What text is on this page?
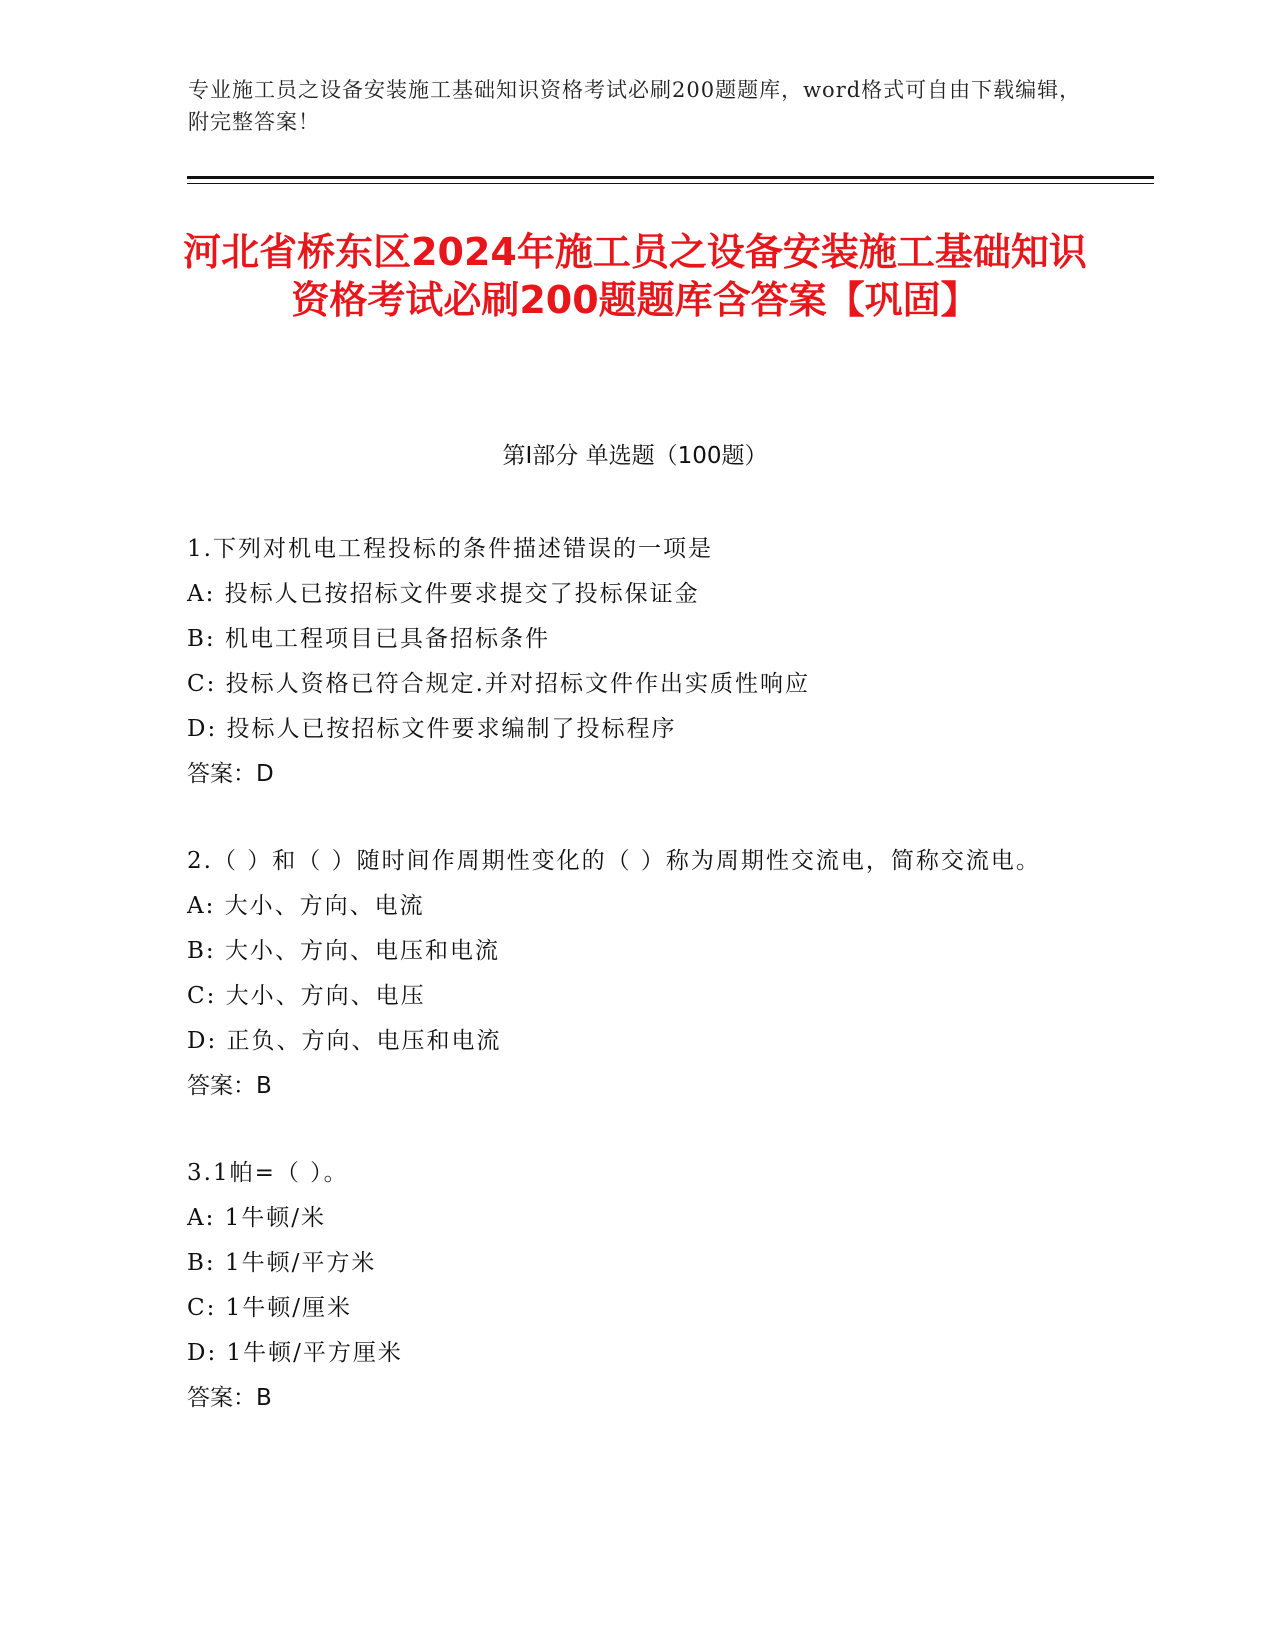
专业施工员之设备安装施工基础知识资格考试必刷200题题库，word格式可自由下载编辑，附完整答案！
河北省桥东区2024年施工员之设备安装施工基础知识资格考试必刷200题题库含答案【巩固】
第I部分 单选题（100题）
1.下列对机电工程投标的条件描述错误的一项是
A: 投标人已按招标文件要求提交了投标保证金
B: 机电工程项目已具备招标条件
C: 投标人资格已符合规定.并对招标文件作出实质性响应
D: 投标人已按招标文件要求编制了投标程序
答案：D
2.（ ）和（ ）随时间作周期性变化的（ ）称为周期性交流电，简称交流电。
A: 大小、方向、电流
B: 大小、方向、电压和电流
C: 大小、方向、电压
D: 正负、方向、电压和电流
答案：B
3.1帕=（ ）。
A: 1牛顿/米
B: 1牛顿/平方米
C: 1牛顿/厘米
D: 1牛顿/平方厘米
答案：B
